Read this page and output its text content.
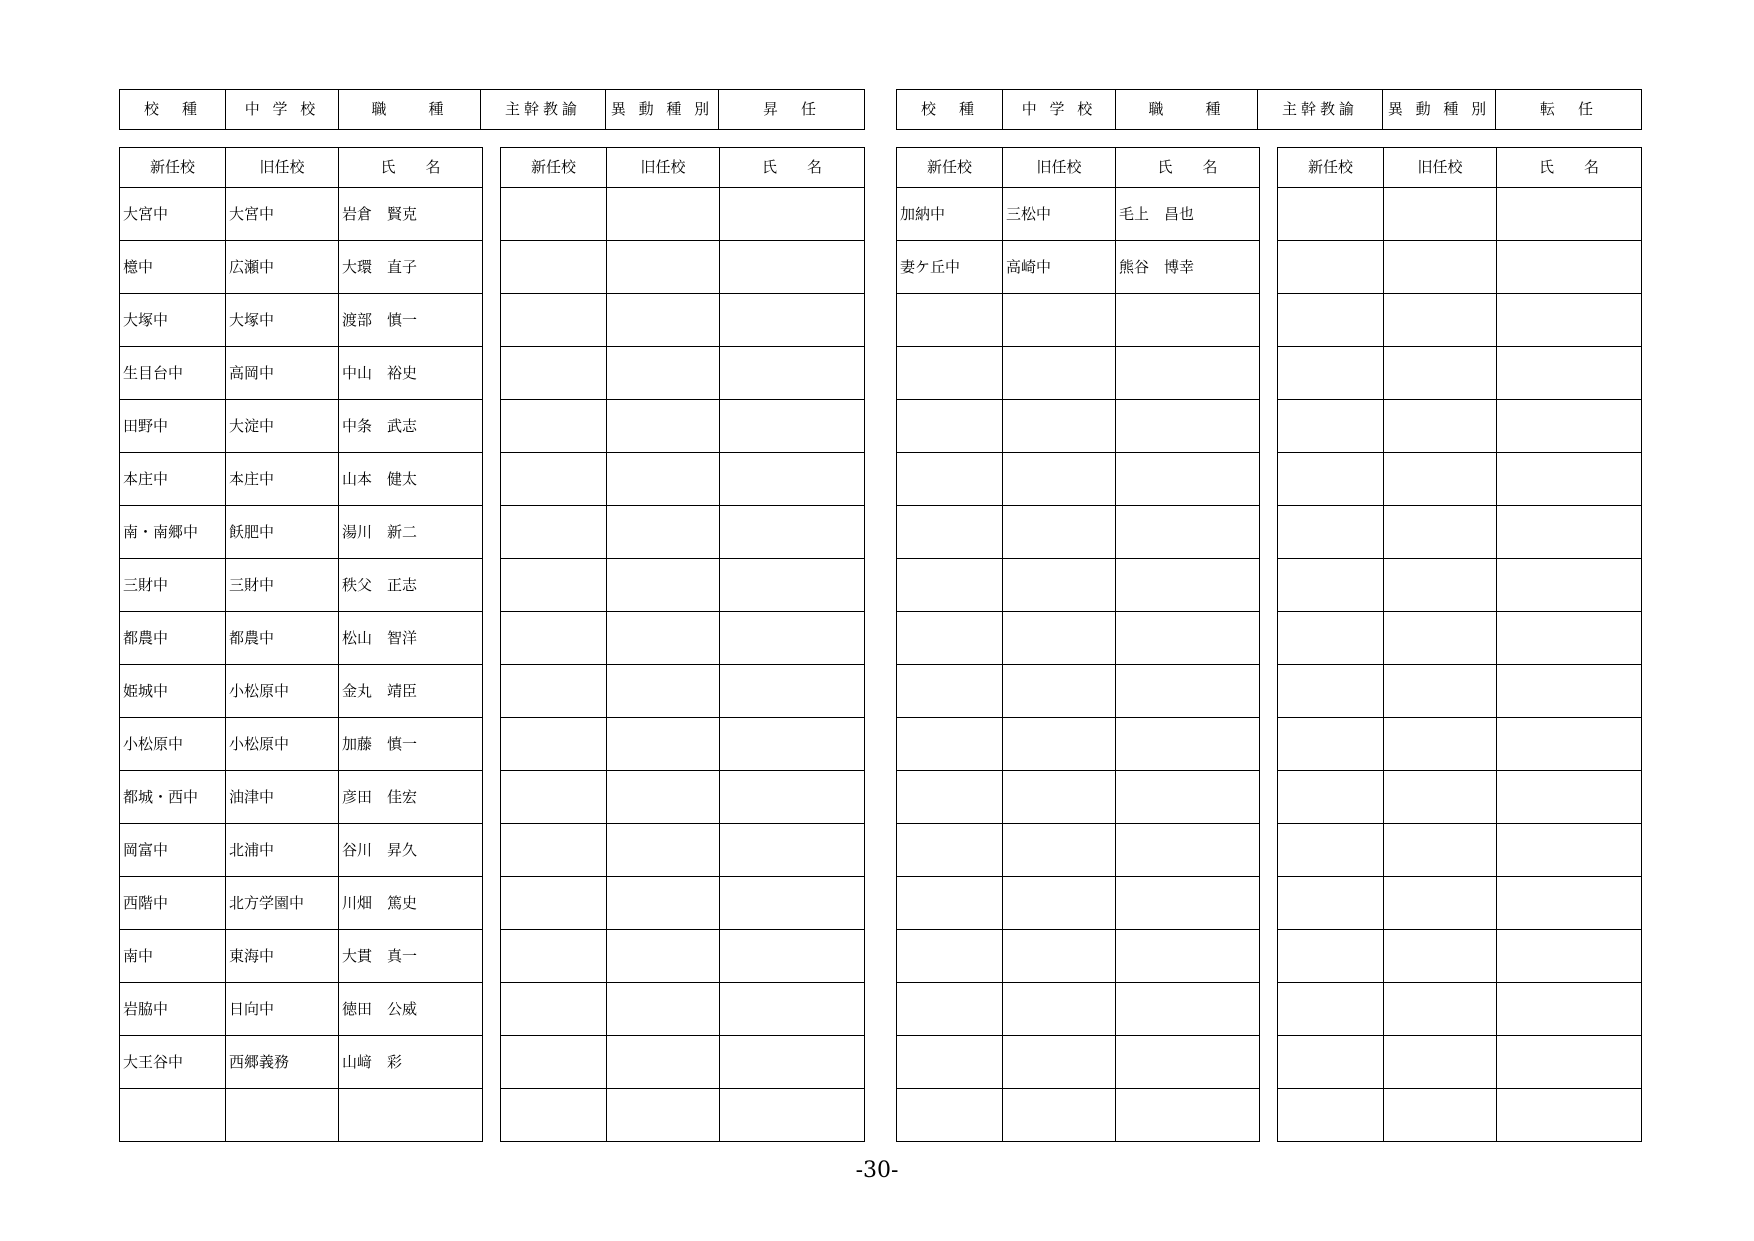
校　種	中 学 校	職　　種	主幹教諭	異 動 種 別	昇　任	校　種	中 学 校	職　　種	主幹教諭	異 動 種 別	転　任
新任校	旧任校	氏　　名
大宮中	大宮中	岩倉　賢克
檍中	広瀬中	大環　直子
大塚中	大塚中	渡部　慎一
生目台中	高岡中	中山　裕史
田野中	大淀中	中条　武志
本庄中	本庄中	山本　健太
南・南郷中	飫肥中	湯川　新二
三財中	三財中	秩父　正志
都農中	都農中	松山　智洋
姫城中	小松原中	金丸　靖臣
小松原中	小松原中	加藤　慎一
都城・西中	油津中	彦田　佳宏
岡富中	北浦中	谷川　昇久
西階中	北方学園中	川畑　篤史
南中	東海中	大貫　真一
岩脇中	日向中	徳田　公威
大王谷中	西郷義務	山﨑　彩

新任校	旧任校	氏　　名

			新任校	旧任校	氏　　名
加納中	三松中	毛上　昌也
妻ケ丘中	高崎中	熊谷　博幸

新任校	旧任校	氏　　名

-30-
